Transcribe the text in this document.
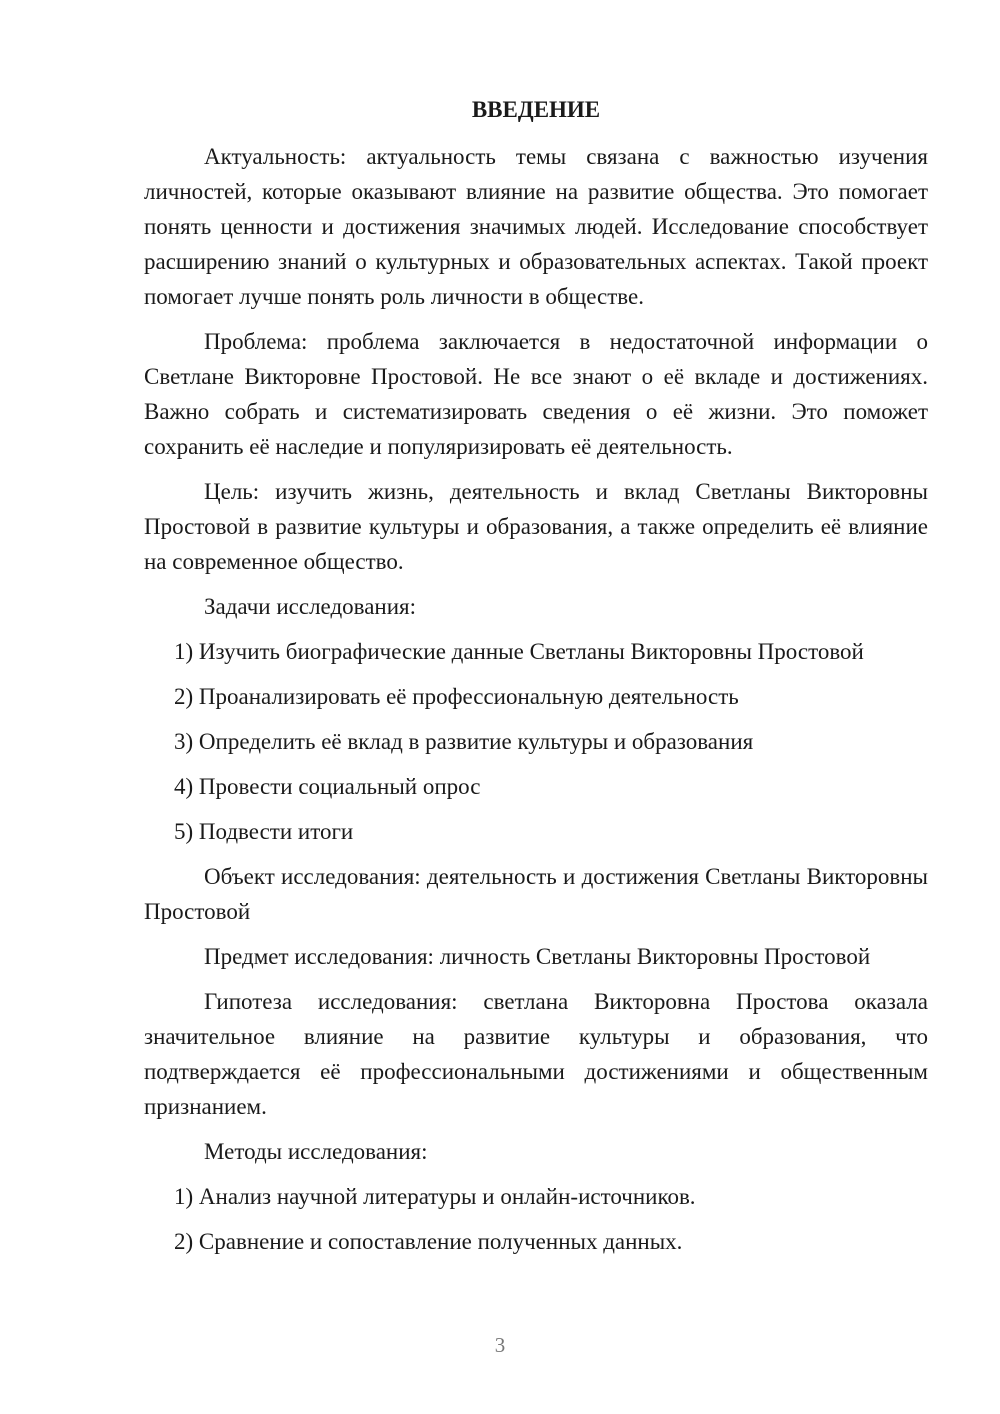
ВВЕДЕНИЕ

Актуальность: актуальность темы связана с важностью изучения личностей, которые оказывают влияние на развитие общества. Это помогает понять ценности и достижения значимых людей. Исследование способствует расширению знаний о культурных и образовательных аспектах. Такой проект помогает лучше понять роль личности в обществе.

Проблема: проблема заключается в недостаточной информации о Светлане Викторовне Простовой. Не все знают о её вкладе и достижениях. Важно собрать и систематизировать сведения о её жизни. Это поможет сохранить её наследие и популяризировать её деятельность.

Цель: изучить жизнь, деятельность и вклад Светланы Викторовны Простовой в развитие культуры и образования, а также определить её влияние на современное общество.

Задачи исследования:
1) Изучить биографические данные Светланы Викторовны Простовой
2) Проанализировать её профессиональную деятельность
3) Определить её вклад в развитие культуры и образования
4) Провести социальный опрос
5) Подвести итоги

Объект исследования: деятельность и достижения Светланы Викторовны Простовой

Предмет исследования: личность Светланы Викторовны Простовой

Гипотеза исследования: светлана Викторовна Простова оказала значительное влияние на развитие культуры и образования, что подтверждается её профессиональными достижениями и общественным признанием.

Методы исследования:
1) Анализ научной литературы и онлайн-источников.
2) Сравнение и сопоставление полученных данных.
3
